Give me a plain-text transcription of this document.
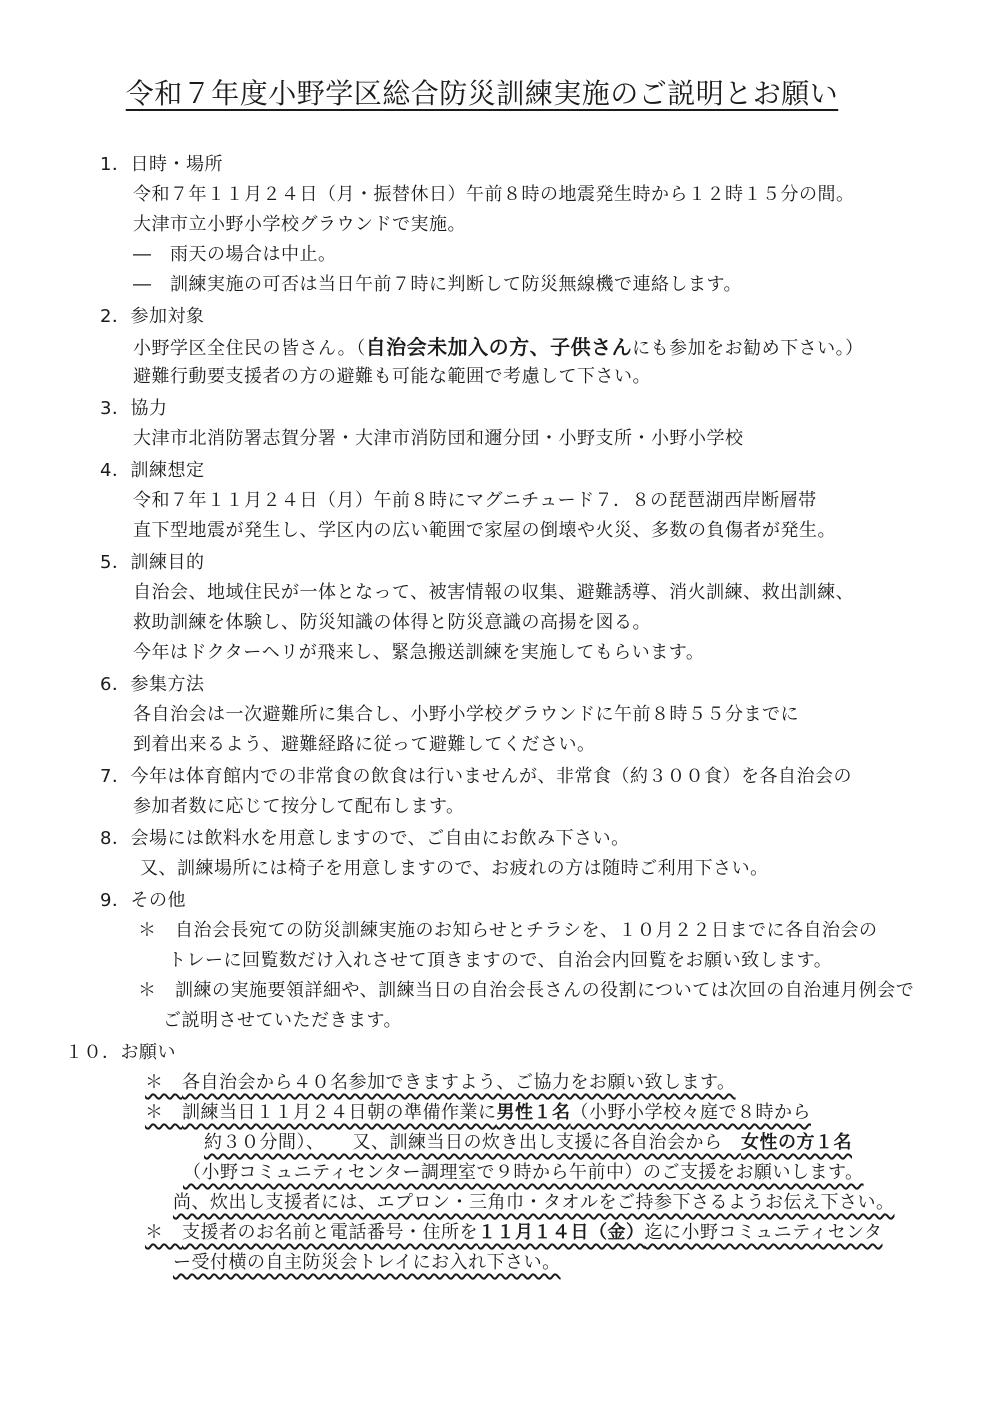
令和７年度小野学区総合防災訓練実施のご説明とお願い
1．日時・場所
令和７年１１月２４日（月・振替休日）午前８時の地震発生時から１２時１５分の間。
大津市立小野小学校グラウンドで実施。
―　雨天の場合は中止。
―　訓練実施の可否は当日午前７時に判断して防災無線機で連絡します。
2．参加対象
小野学区全住民の皆さん。（自治会未加入の方、子供さんにも参加をお勧め下さい。）
避難行動要支援者の方の避難も可能な範囲で考慮して下さい。
3．協力
大津市北消防署志賀分署・大津市消防団和邇分団・小野支所・小野小学校
4．訓練想定
令和７年１１月２４日（月）午前８時にマグニチュード７．８の琵琶湖西岸断層帯
直下型地震が発生し、学区内の広い範囲で家屋の倒壊や火災、多数の負傷者が発生。
5．訓練目的
自治会、地域住民が一体となって、被害情報の収集、避難誘導、消火訓練、救出訓練、
救助訓練を体験し、防災知識の体得と防災意識の高揚を図る。
今年はドクターヘリが飛来し、緊急搬送訓練を実施してもらいます。
6．参集方法
各自治会は一次避難所に集合し、小野小学校グラウンドに午前８時５５分までに
到着出来るよう、避難経路に従って避難してください。
7．今年は体育館内での非常食の飲食は行いませんが、非常食（約３００食）を各自治会の
参加者数に応じて按分して配布します。
8．会場には飲料水を用意しますので、ご自由にお飲み下さい。
又、訓練場所には椅子を用意しますので、お疲れの方は随時ご利用下さい。
9．その他
＊　自治会長宛ての防災訓練実施のお知らせとチラシを、１０月２２日までに各自治会の
トレーに回覧数だけ入れさせて頂きますので、自治会内回覧をお願い致します。
＊　訓練の実施要領詳細や、訓練当日の自治会長さんの役割については次回の自治連月例会で
ご説明させていただきます。
１０．お願い
＊　各自治会から４０名参加できますよう、ご協力をお願い致します。
＊　訓練当日１１月２４日朝の準備作業に男性１名（小野小学校々庭で８時から
約３０分間）、　　又、訓練当日の炊き出し支援に各自治会から　女性の方１名
（小野コミュニティセンター調理室で９時から午前中）のご支援をお願いします。
尚、炊出し支援者には、エプロン・三角巾・タオルをご持参下さるようお伝え下さい。
＊　支援者のお名前と電話番号・住所を１１月１４日（金）迄に小野コミュニティセンタ
ー受付横の自主防災会トレイにお入れ下さい。
